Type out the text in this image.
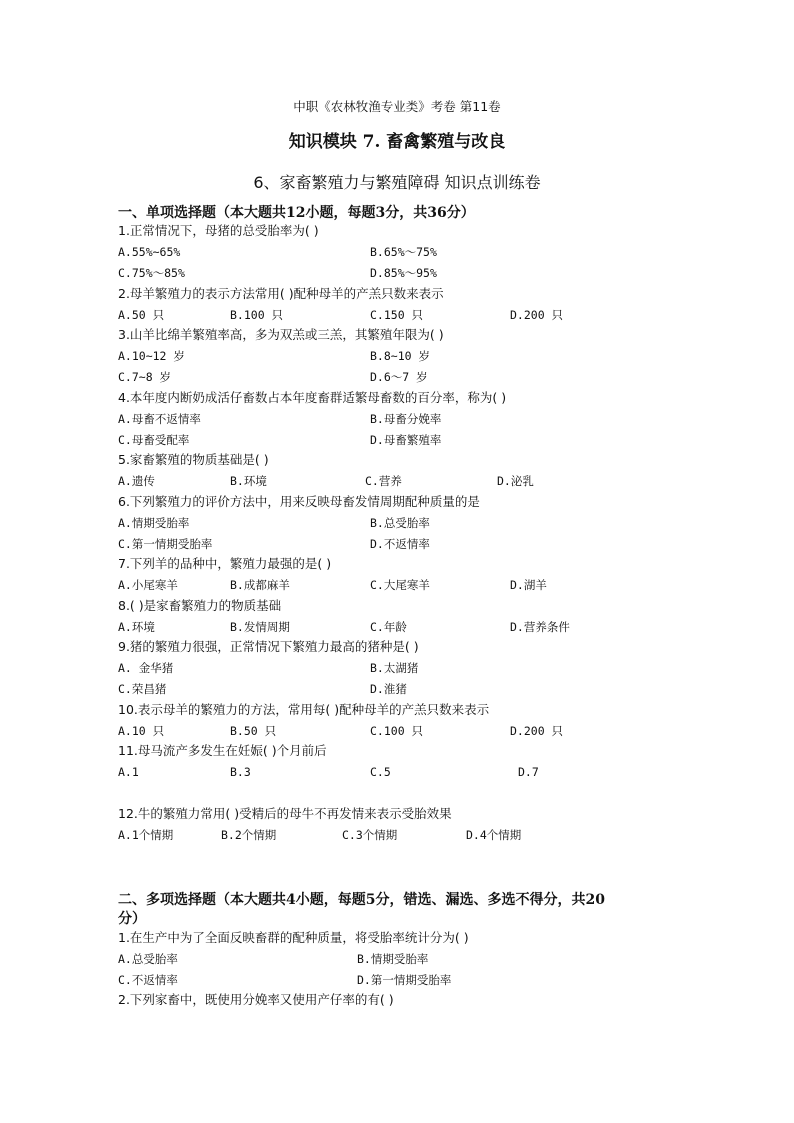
中职《农林牧渔专业类》考卷 第11卷
知识模块 7. 畜禽繁殖与改良
6、家畜繁殖力与繁殖障碍 知识点训练卷
一、单项选择题（本大题共12小题，每题3分，共36分）
1.正常情况下，母猪的总受胎率为( )
A.55%~65%	B.65%～75%
C.75%～85%	D.85%～95%
2.母羊繁殖力的表示方法常用( )配种母羊的产羔只数来表示
A.50 只	B.100 只	C.150 只	D.200 只
3.山羊比绵羊繁殖率高，多为双羔或三羔，其繁殖年限为( )
A.10~12 岁	B.8~10 岁
C.7~8 岁	D.6～7 岁
4.本年度内断奶成活仔畜数占本年度畜群适繁母畜数的百分率，称为( )
A.母畜不返情率	B.母畜分娩率
C.母畜受配率	D.母畜繁殖率
5.家畜繁殖的物质基础是( )
A.遗传	B.环境	C.营养	D.泌乳
6.下列繁殖力的评价方法中，用来反映母畜发情周期配种质量的是
A.情期受胎率	B.总受胎率
C.第一情期受胎率	D.不返情率
7.下列羊的品种中，繁殖力最强的是( )
A.小尾寒羊	B.成都麻羊	C.大尾寒羊	D.湖羊
8.( )是家畜繁殖力的物质基础
A.环境	B.发情周期	C.年龄	D.营养条件
9.猪的繁殖力很强，正常情况下繁殖力最高的猪种是( )
A. 金华猪	B.太湖猪
C.荣昌猪	D.淮猪
10.表示母羊的繁殖力的方法，常用每( )配种母羊的产羔只数来表示
A.10 只	B.50 只	C.100 只	D.200 只
11.母马流产多发生在妊娠( )个月前后
A.1	B.3	C.5	D.7
12.牛的繁殖力常用( )受精后的母牛不再发情来表示受胎效果
A.1个情期	B.2个情期	C.3个情期	D.4个情期
二、多项选择题（本大题共4小题，每题5分，错选、漏选、多选不得分，共20
分）
1.在生产中为了全面反映畜群的配种质量，将受胎率统计分为( )
A.总受胎率	B.情期受胎率
C.不返情率	D.第一情期受胎率
2.下列家畜中，既使用分娩率又使用产仔率的有( )
